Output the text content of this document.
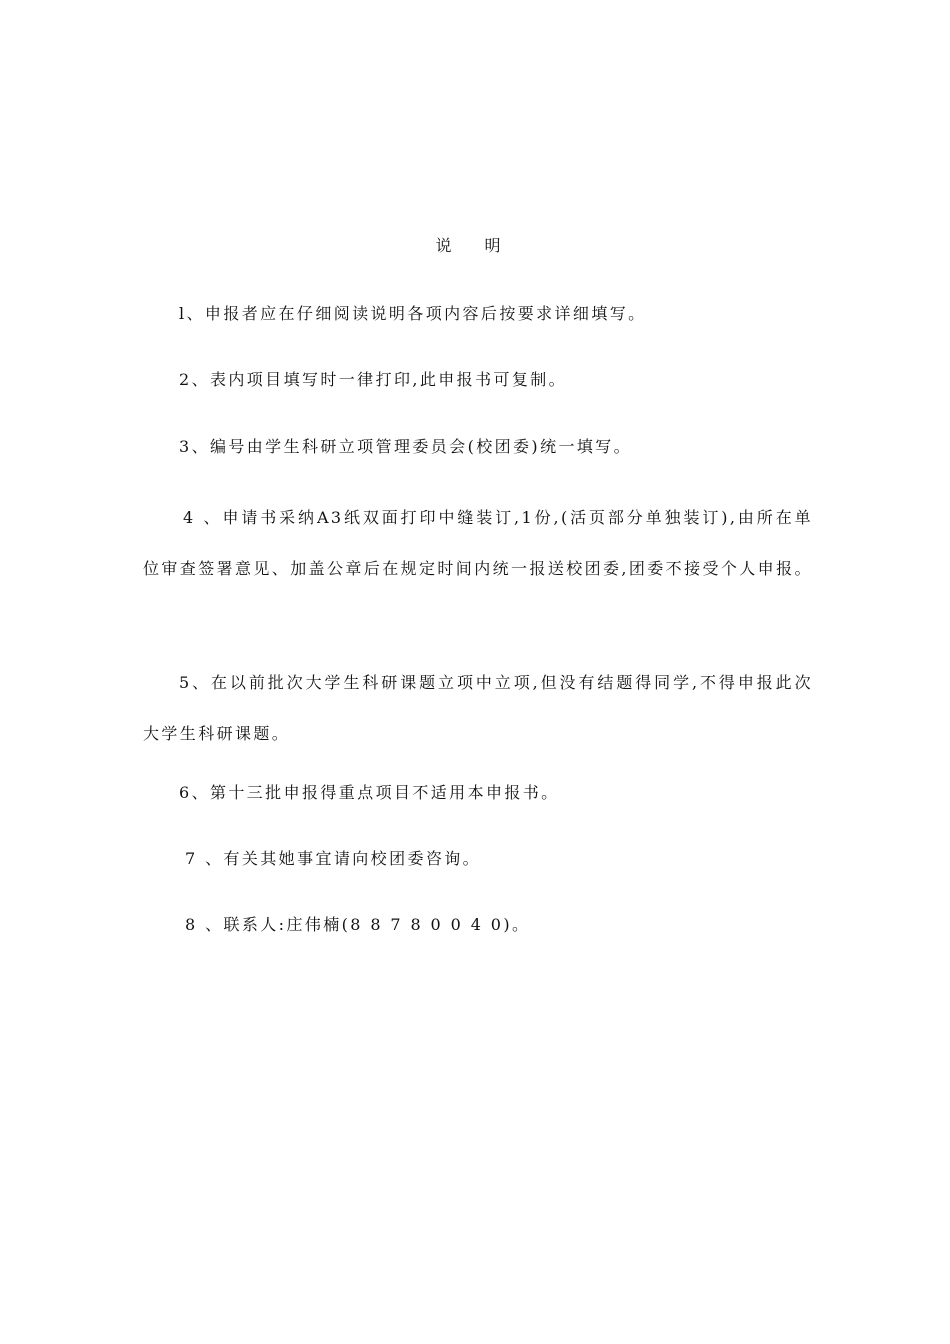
说 明

l、申报者应在仔细阅读说明各项内容后按要求详细填写。

2、表内项目填写时一律打印,此申报书可复制。

3、编号由学生科研立项管理委员会(校团委)统一填写。

4 、申请书采纳A3纸双面打印中缝装订,1份,(活页部分单独装订),由所在单位审查签署意见、加盖公章后在规定时间内统一报送校团委,团委不接受个人申报。

5、在以前批次大学生科研课题立项中立项,但没有结题得同学,不得申报此次大学生科研课题。

6、第十三批申报得重点项目不适用本申报书。

7 、有关其她事宜请向校团委咨询。

8 、联系人:庄伟楠(8 8 7 8 0 0 4 0)。
